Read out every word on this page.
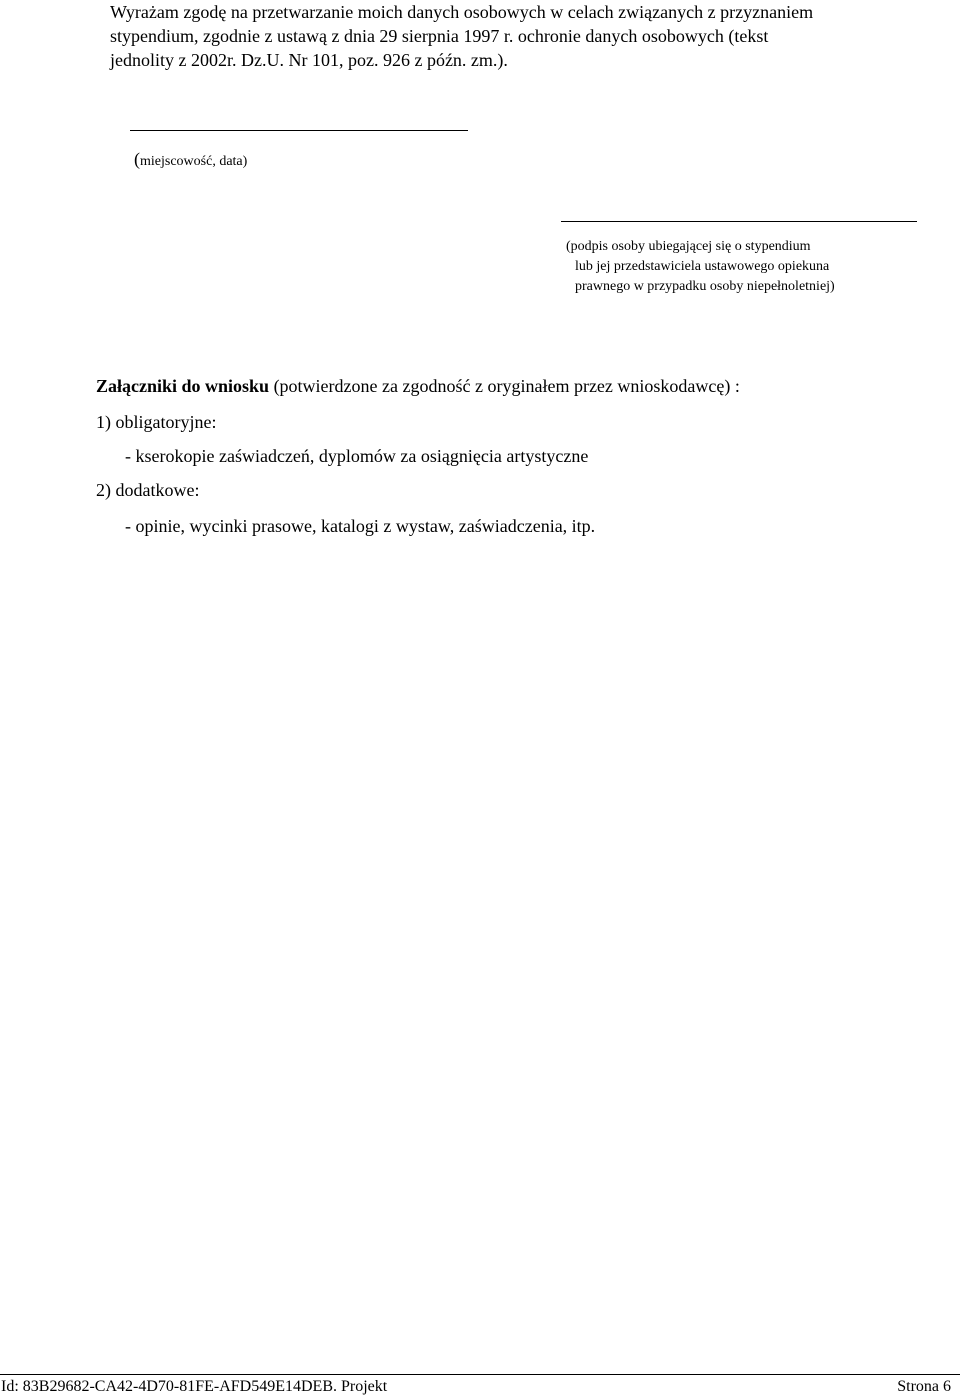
Wyrażam zgodę na przetwarzanie moich danych osobowych w celach związanych z przyznaniem
stypendium, zgodnie z ustawą z dnia 29 sierpnia 1997 r. ochronie danych osobowych (tekst
jednolity z 2002r. Dz.U. Nr 101, poz. 926 z późn. zm.).
(miejscowość, data)
(podpis osoby ubiegającej się o stypendium
lub jej przedstawiciela ustawowego opiekuna
prawnego w przypadku osoby niepełnoletniej)
Załączniki do wniosku (potwierdzone za zgodność z oryginałem przez wnioskodawcę) :
1) obligatoryjne:
- kserokopie zaświadczeń, dyplomów za osiągnięcia artystyczne
2) dodatkowe:
- opinie, wycinki prasowe, katalogi z wystaw, zaświadczenia, itp.
Id: 83B29682-CA42-4D70-81FE-AFD549E14DEB. Projekt	Strona 6
